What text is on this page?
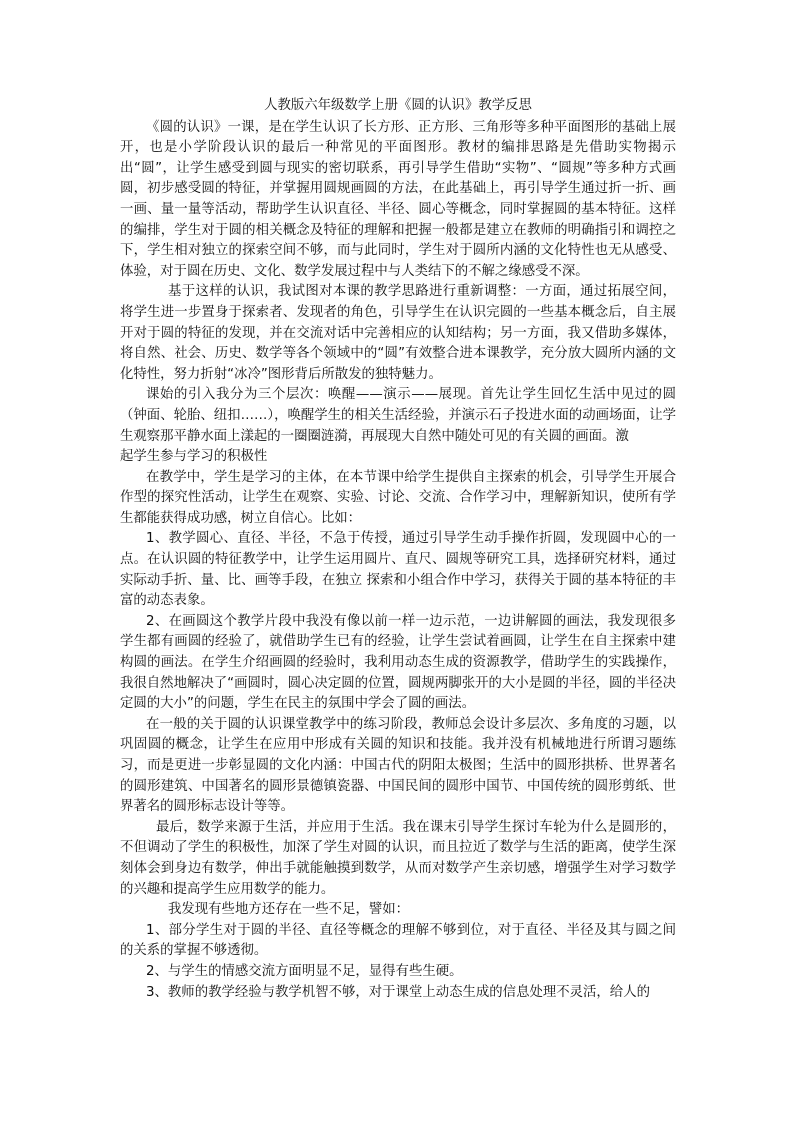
人教版六年级数学上册《圆的认识》教学反思

《圆的认识》一课，是在学生认识了长方形、正方形、三角形等多种平面图形的基础上展开，也是小学阶段认识的最后一种常见的平面图形。教材的编排思路是先借助实物揭示出“圆”，让学生感受到圆与现实的密切联系，再引导学生借助“实物”、“圆规”等多种方式画圆，初步感受圆的特征，并掌握用圆规画圆的方法，在此基础上，再引导学生通过折一折、画一画、量一量等活动，帮助学生认识直径、半径、圆心等概念，同时掌握圆的基本特征。这样的编排，学生对于圆的相关概念及特征的理解和把握一般都是建立在教师的明确指引和调控之下，学生相对独立的探索空间不够，而与此同时，学生对于圆所内涵的文化特性也无从感受、体验，对于圆在历史、文化、数学发展过程中与人类结下的不解之缘感受不深。

基于这样的认识，我试图对本课的教学思路进行重新调整：一方面，通过拓展空间，将学生进一步置身于探索者、发现者的角色，引导学生在认识完圆的一些基本概念后，自主展开对于圆的特征的发现，并在交流对话中完善相应的认知结构；另一方面，我又借助多媒体，将自然、社会、历史、数学等各个领域中的“圆”有效整合进本课教学，充分放大圆所内涵的文化特性，努力折射“冰冷”图形背后所散发的独特魅力。

课始的引入我分为三个层次：唤醒——演示——展现。首先让学生回忆生活中见过的圆（钟面、轮胎、纽扣……），唤醒学生的相关生活经验，并演示石子投进水面的动画场面，让学生观察那平静水面上漾起的一圈圈涟漪，再展现大自然中随处可见的有关圆的画面。激

起学生参与学习的积极性

在教学中，学生是学习的主体，在本节课中给学生提供自主探索的机会，引导学生开展合作型的探究性活动，让学生在观察、实验、讨论、交流、合作学习中，理解新知识，使所有学生都能获得成功感，树立自信心。比如：

1、教学圆心、直径、半径，不急于传授，通过引导学生动手操作折圆，发现圆中心的一点。在认识圆的特征教学中，让学生运用圆片、直尺、圆规等研究工具，选择研究材料，通过实际动手折、量、比、画等手段，在独立 探索和小组合作中学习，获得关于圆的基本特征的丰富的动态表象。

2、在画圆这个教学片段中我没有像以前一样一边示范，一边讲解圆的画法，我发现很多学生都有画圆的经验了，就借助学生已有的经验，让学生尝试着画圆，让学生在自主探索中建构圆的画法。在学生介绍画圆的经验时，我利用动态生成的资源教学，借助学生的实践操作，我很自然地解决了“画圆时，圆心决定圆的位置，圆规两脚张开的大小是圆的半径，圆的半径决定圆的大小”的问题，学生在民主的氛围中学会了圆的画法。

在一般的关于圆的认识课堂教学中的练习阶段，教师总会设计多层次、多角度的习题，以巩固圆的概念，让学生在应用中形成有关圆的知识和技能。我并没有机械地进行所谓习题练习，而是更进一步彰显圆的文化内涵：中国古代的阴阳太极图；生活中的圆形拱桥、世界著名的圆形建筑、中国著名的圆形景德镇瓷器、中国民间的圆形中国节、中国传统的圆形剪纸、世界著名的圆形标志设计等等。

最后，数学来源于生活，并应用于生活。我在课末引导学生探讨车轮为什么是圆形的，不但调动了学生的积极性，加深了学生对圆的认识，而且拉近了数学与生活的距离，使学生深刻体会到身边有数学，伸出手就能触摸到数学，从而对数学产生亲切感，增强学生对学习数学的兴趣和提高学生应用数学的能力。

我发现有些地方还存在一些不足，譬如：

1、部分学生对于圆的半径、直径等概念的理解不够到位，对于直径、半径及其与圆之间的关系的掌握不够透彻。

2、与学生的情感交流方面明显不足，显得有些生硬。

3、教师的教学经验与教学机智不够，对于课堂上动态生成的信息处理不灵活，给人的
